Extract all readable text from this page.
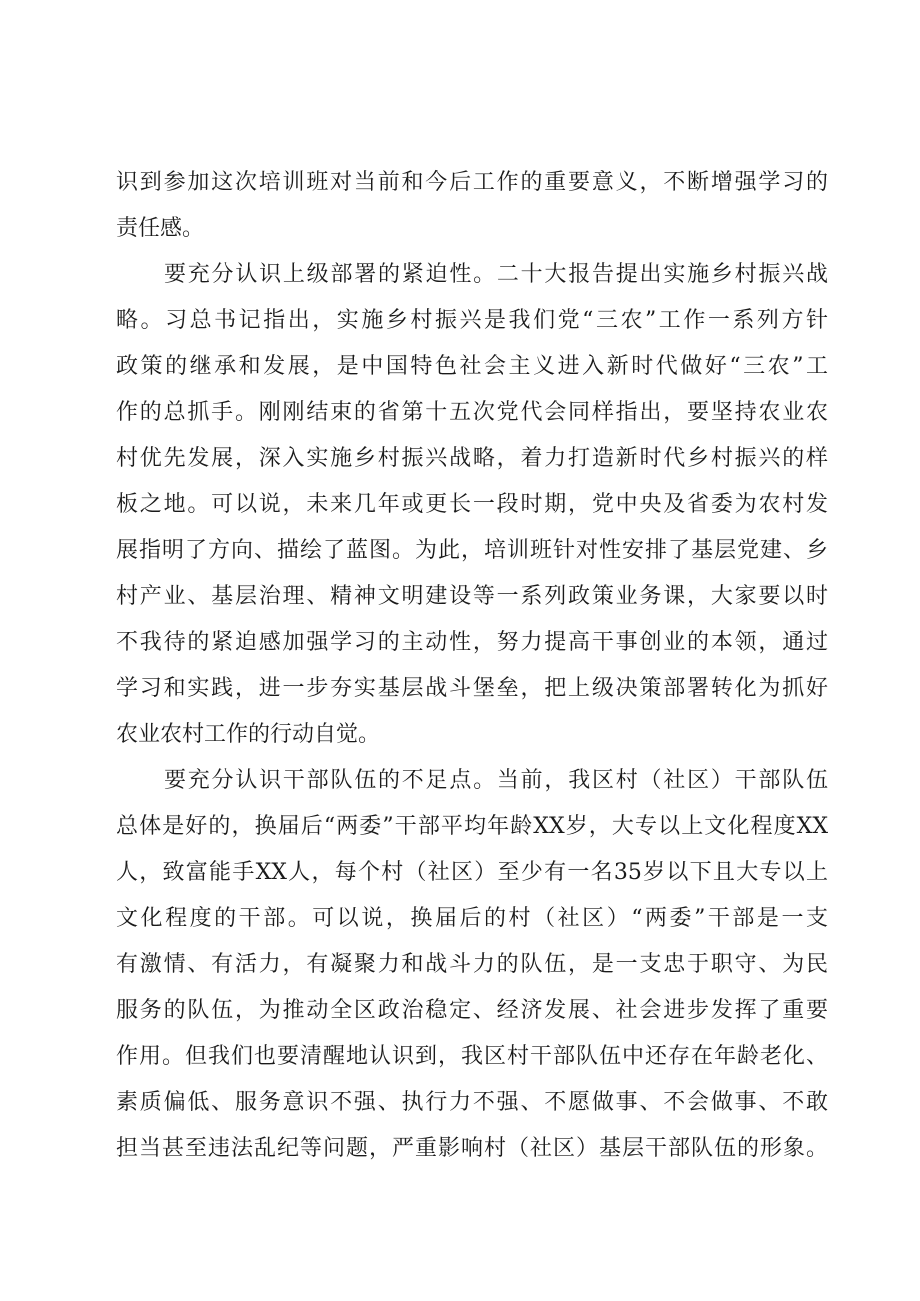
识到参加这次培训班对当前和今后工作的重要意义，不断增强学习的
责任感。
要充分认识上级部署的紧迫性。二十大报告提出实施乡村振兴战
略。习总书记指出，实施乡村振兴是我们党“三农”工作一系列方针
政策的继承和发展，是中国特色社会主义进入新时代做好“三农”工
作的总抓手。刚刚结束的省第十五次党代会同样指出，要坚持农业农
村优先发展，深入实施乡村振兴战略，着力打造新时代乡村振兴的样
板之地。可以说，未来几年或更长一段时期，党中央及省委为农村发
展指明了方向、描绘了蓝图。为此，培训班针对性安排了基层党建、乡
村产业、基层治理、精神文明建设等一系列政策业务课，大家要以时
不我待的紧迫感加强学习的主动性，努力提高干事创业的本领，通过
学习和实践，进一步夯实基层战斗堡垒，把上级决策部署转化为抓好
农业农村工作的行动自觉。
要充分认识干部队伍的不足点。当前，我区村（社区）干部队伍
总体是好的，换届后“两委”干部平均年龄XX岁，大专以上文化程度XX
人，致富能手XX人，每个村（社区）至少有一名35岁以下且大专以上
文化程度的干部。可以说，换届后的村（社区）“两委”干部是一支
有激情、有活力，有凝聚力和战斗力的队伍，是一支忠于职守、为民
服务的队伍，为推动全区政治稳定、经济发展、社会进步发挥了重要
作用。但我们也要清醒地认识到，我区村干部队伍中还存在年龄老化、
素质偏低、服务意识不强、执行力不强、不愿做事、不会做事、不敢
担当甚至违法乱纪等问题，严重影响村（社区）基层干部队伍的形象。
